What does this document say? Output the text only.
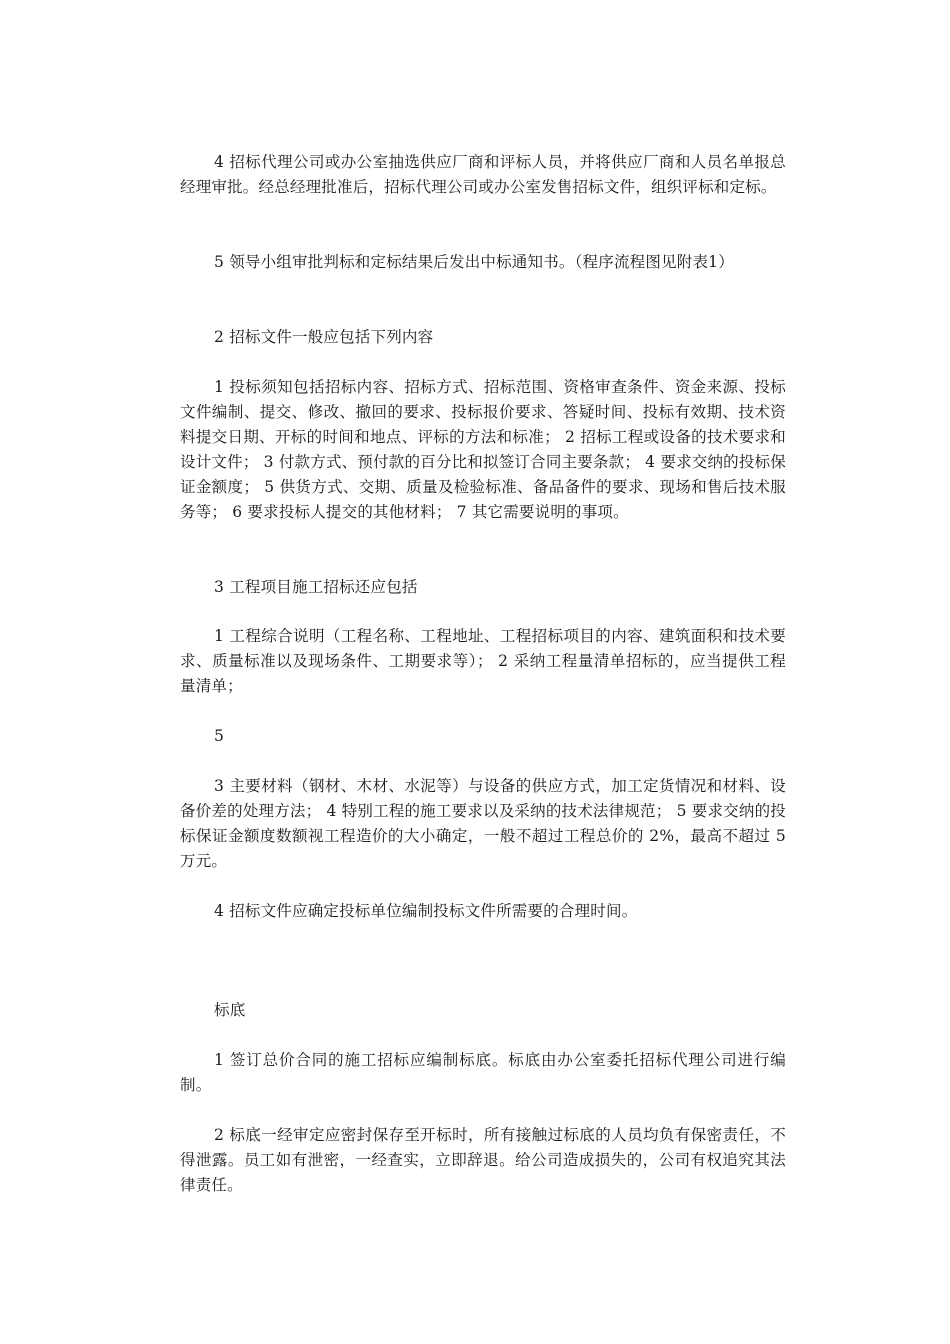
4 招标代理公司或办公室抽选供应厂商和评标人员，并将供应厂商和人员名单报总经理审批。经总经理批准后，招标代理公司或办公室发售招标文件，组织评标和定标。

5 领导小组审批判标和定标结果后发出中标通知书。（程序流程图见附表1）

2 招标文件一般应包括下列内容

1 投标须知包括招标内容、招标方式、招标范围、资格审查条件、资金来源、投标文件编制、提交、修改、撤回的要求、投标报价要求、答疑时间、投标有效期、技术资料提交日期、开标的时间和地点、评标的方法和标准； 2 招标工程或设备的技术要求和设计文件； 3 付款方式、预付款的百分比和拟签订合同主要条款； 4 要求交纳的投标保证金额度； 5 供货方式、交期、质量及检验标准、备品备件的要求、现场和售后技术服务等； 6 要求投标人提交的其他材料； 7 其它需要说明的事项。

3 工程项目施工招标还应包括

1 工程综合说明（工程名称、工程地址、工程招标项目的内容、建筑面积和技术要求、质量标准以及现场条件、工期要求等）； 2 采纳工程量清单招标的，应当提供工程量清单；

5

3 主要材料（钢材、木材、水泥等）与设备的供应方式，加工定货情况和材料、设备价差的处理方法； 4 特别工程的施工要求以及采纳的技术法律规范； 5 要求交纳的投标保证金额度数额视工程造价的大小确定，一般不超过工程总价的 2%，最高不超过 5 万元。

4 招标文件应确定投标单位编制投标文件所需要的合理时间。

标底

1 签订总价合同的施工招标应编制标底。标底由办公室委托招标代理公司进行编制。

2 标底一经审定应密封保存至开标时，所有接触过标底的人员均负有保密责任，不得泄露。员工如有泄密，一经查实，立即辞退。给公司造成损失的，公司有权追究其法律责任。
